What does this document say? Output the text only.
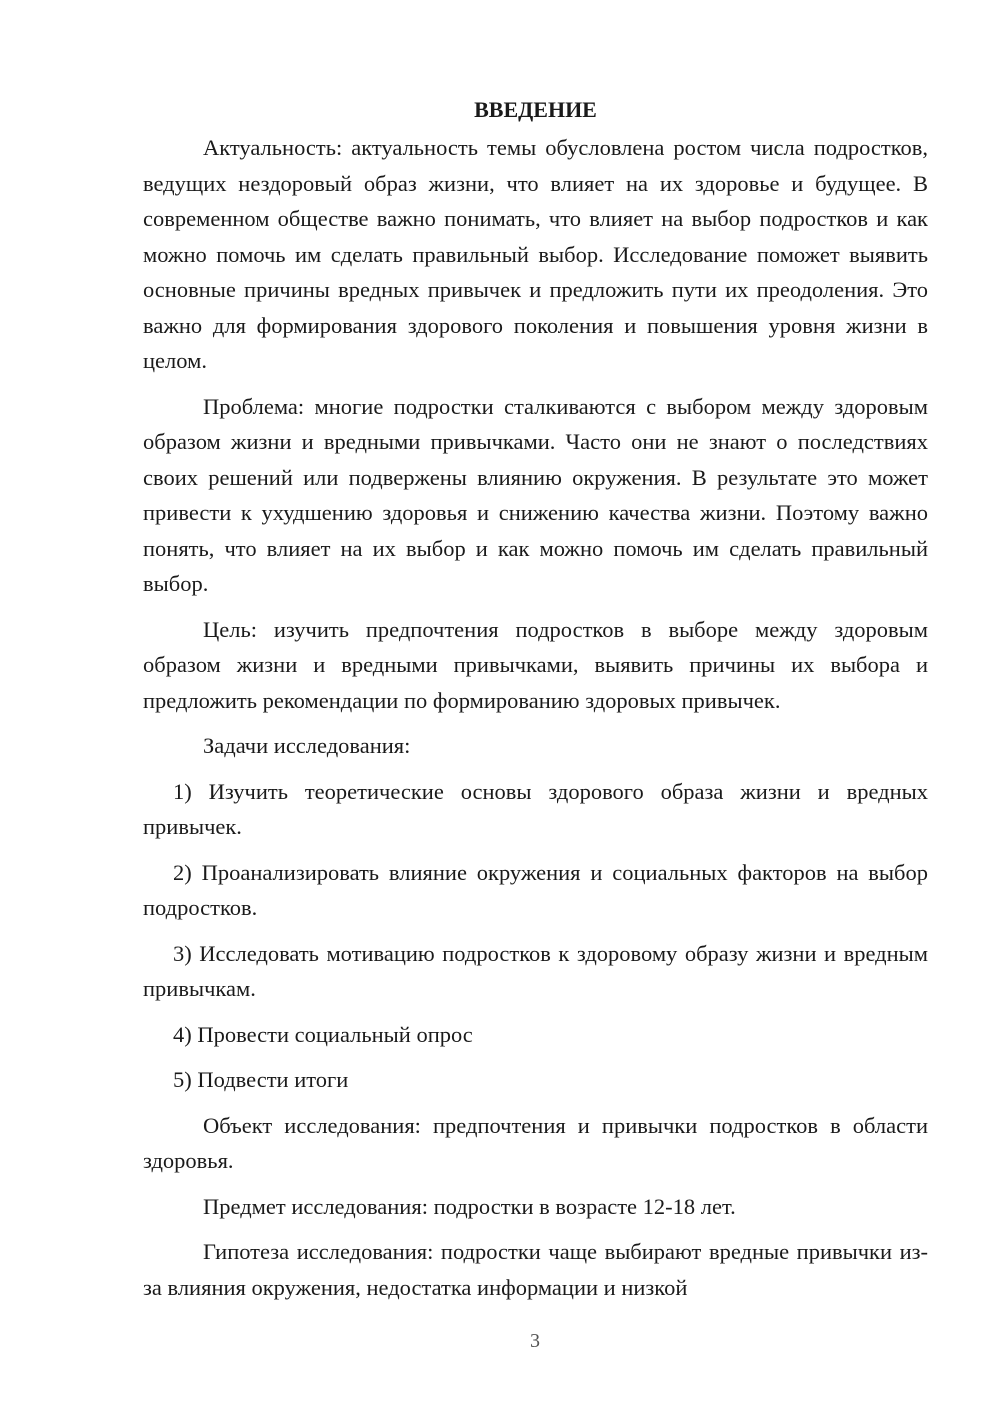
ВВЕДЕНИЕ

Актуальность: актуальность темы обусловлена ростом числа подростков, ведущих нездоровый образ жизни, что влияет на их здоровье и будущее. В современном обществе важно понимать, что влияет на выбор подростков и как можно помочь им сделать правильный выбор. Исследование поможет выявить основные причины вредных привычек и предложить пути их преодоления. Это важно для формирования здорового поколения и повышения уровня жизни в целом.

Проблема: многие подростки сталкиваются с выбором между здоровым образом жизни и вредными привычками. Часто они не знают о последствиях своих решений или подвержены влиянию окружения. В результате это может привести к ухудшению здоровья и снижению качества жизни. Поэтому важно понять, что влияет на их выбор и как можно помочь им сделать правильный выбор.

Цель: изучить предпочтения подростков в выборе между здоровым образом жизни и вредными привычками, выявить причины их выбора и предложить рекомендации по формированию здоровых привычек.

Задачи исследования:

1) Изучить теоретические основы здорового образа жизни и вредных привычек.

2) Проанализировать влияние окружения и социальных факторов на выбор подростков.

3) Исследовать мотивацию подростков к здоровому образу жизни и вредным привычкам.

4) Провести социальный опрос

5) Подвести итоги

Объект исследования: предпочтения и привычки подростков в области здоровья.

Предмет исследования: подростки в возрасте 12-18 лет.

Гипотеза исследования: подростки чаще выбирают вредные привычки из-за влияния окружения, недостатка информации и низкой

3
